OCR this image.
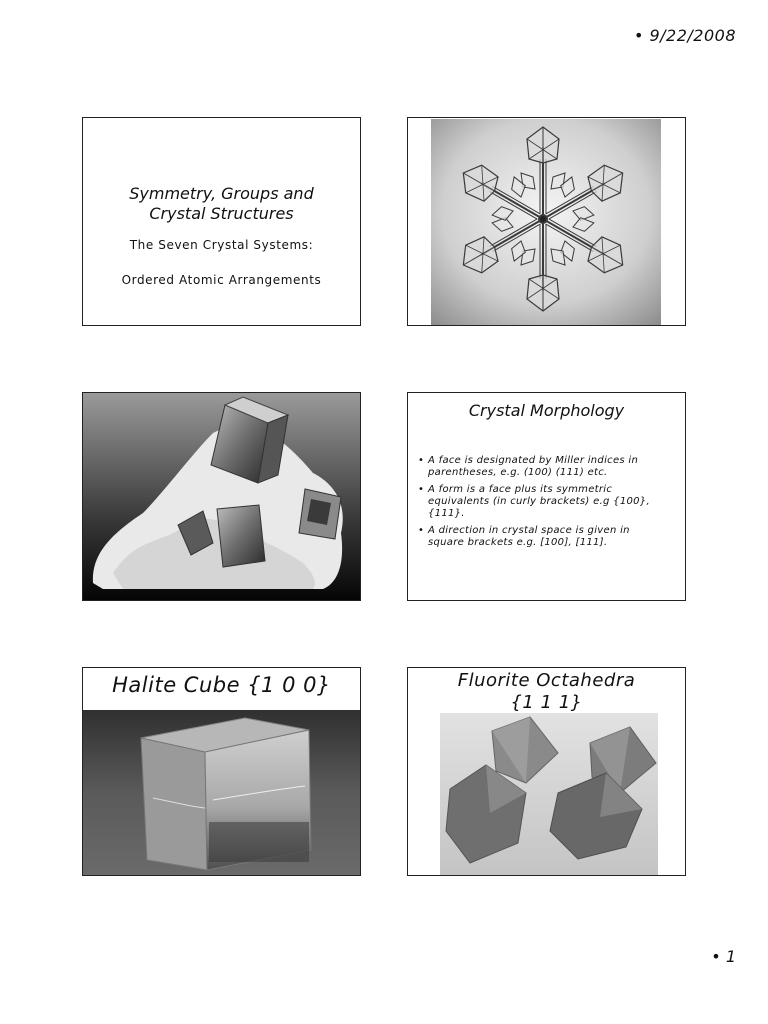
• 9/22/2008
Symmetry, Groups and
Crystal Structures
The Seven Crystal Systems:
Ordered Atomic Arrangements
Crystal Morphology
• A face is designated by Miller indices in parentheses, e.g. (100) (111) etc.
• A form is a face plus its symmetric equivalents (in curly brackets) e.g {100}, {111}.
• A direction in crystal space is given in square brackets e.g. [100], [111].
Halite Cube {1 0 0}	Fluorite Octahedra
{1 1 1}
• 1
